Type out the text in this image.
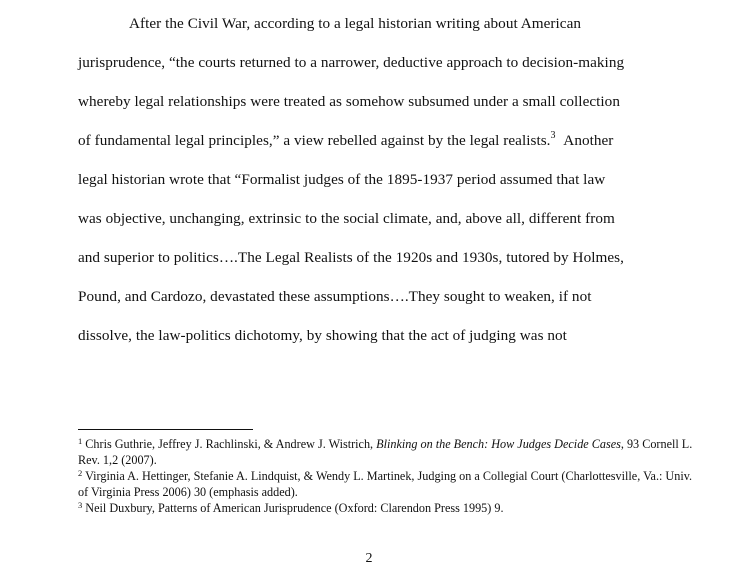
After the Civil War, according to a legal historian writing about American
jurisprudence, “the courts returned to a narrower, deductive approach to decision-making
whereby legal relationships were treated as somehow subsumed under a small collection
of fundamental legal principles,” a view rebelled against by the legal realists.$^3$ Another
legal historian wrote that “Formalist judges of the 1895-1937 period assumed that law
was objective, unchanging, extrinsic to the social climate, and, above all, different from
and superior to politics….The Legal Realists of the 1920s and 1930s, tutored by Holmes,
Pound, and Cardozo, devastated these assumptions….They sought to weaken, if not
dissolve, the law-politics dichotomy, by showing that the act of judging was not

$^1$ Chris Guthrie, Jeffrey J. Rachlinski, & Andrew J. Wistrich, Blinking on the Bench: How Judges Decide Cases, 93 Cornell L. Rev. 1,2 (2007).

$^2$ Virginia A. Hettinger, Stefanie A. Lindquist, & Wendy L. Martinek, Judging on a Collegial Court (Charlottesville, Va.: Univ. of Virginia Press 2006) 30 (emphasis added).

$^3$ Neil Duxbury, Patterns of American Jurisprudence (Oxford: Clarendon Press 1995) 9.

2
